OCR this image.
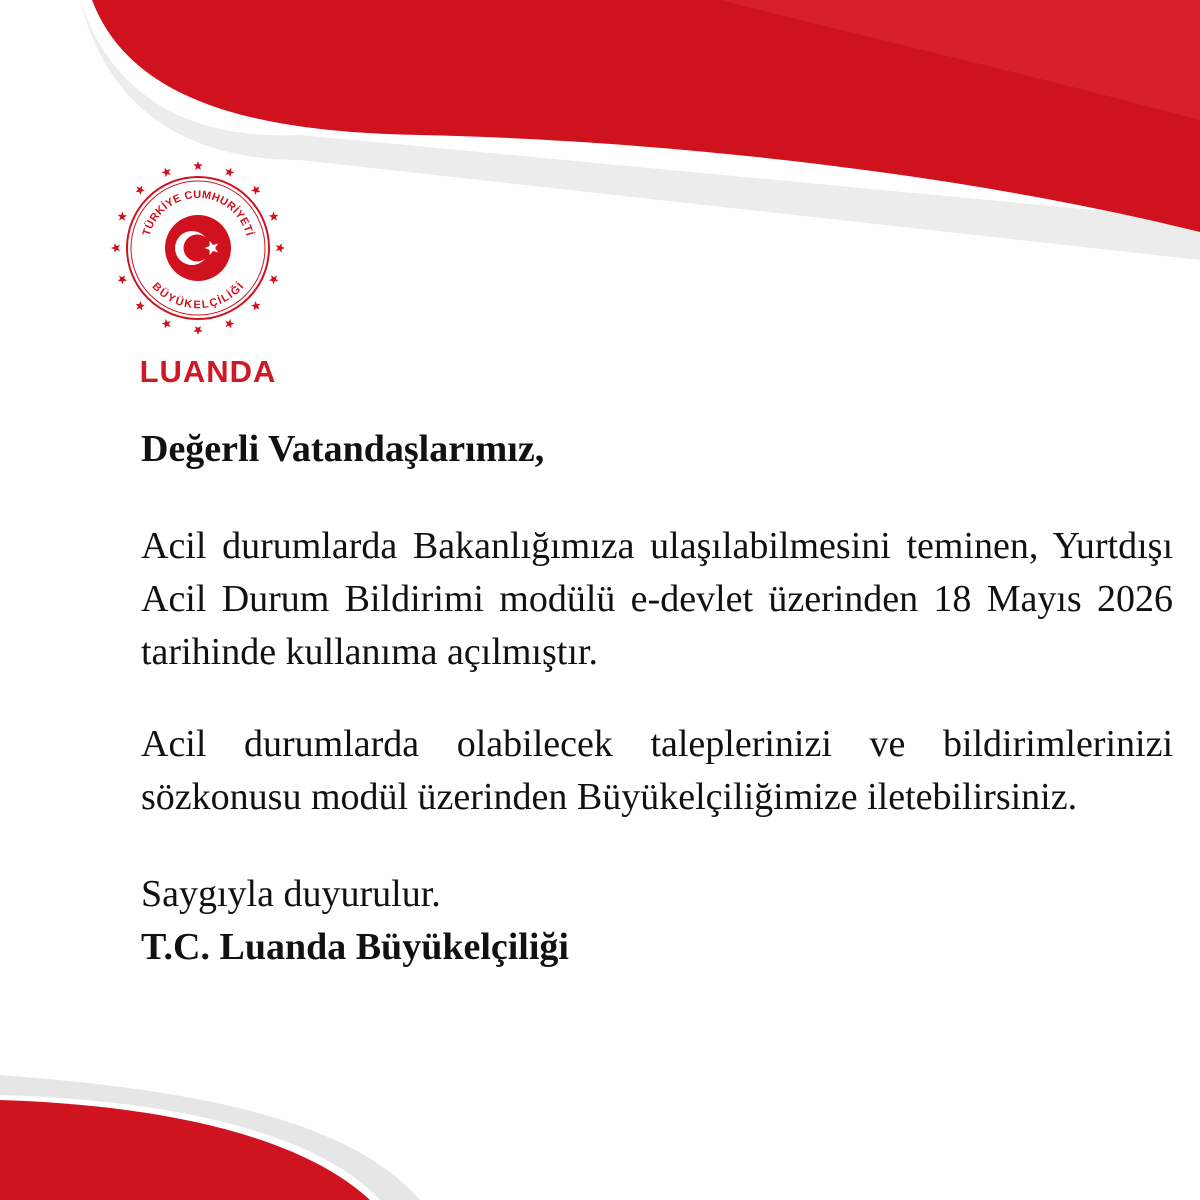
TÜRKİYE CUMHURİYETİ
BÜYÜKELÇİLİĞİ
LUANDA

Değerli Vatandaşlarımız,

Acil durumlarda Bakanlığımıza ulaşılabilmesini teminen, Yurtdışı Acil Durum Bildirimi modülü e-devlet üzerinden 18 Mayıs 2026 tarihinde kullanıma açılmıştır.

Acil durumlarda olabilecek taleplerinizi ve bildirimlerinizi sözkonusu modül üzerinden Büyükelçiliğimize iletebilirsiniz.

Saygıyla duyurulur.
T.C. Luanda Büyükelçiliği
